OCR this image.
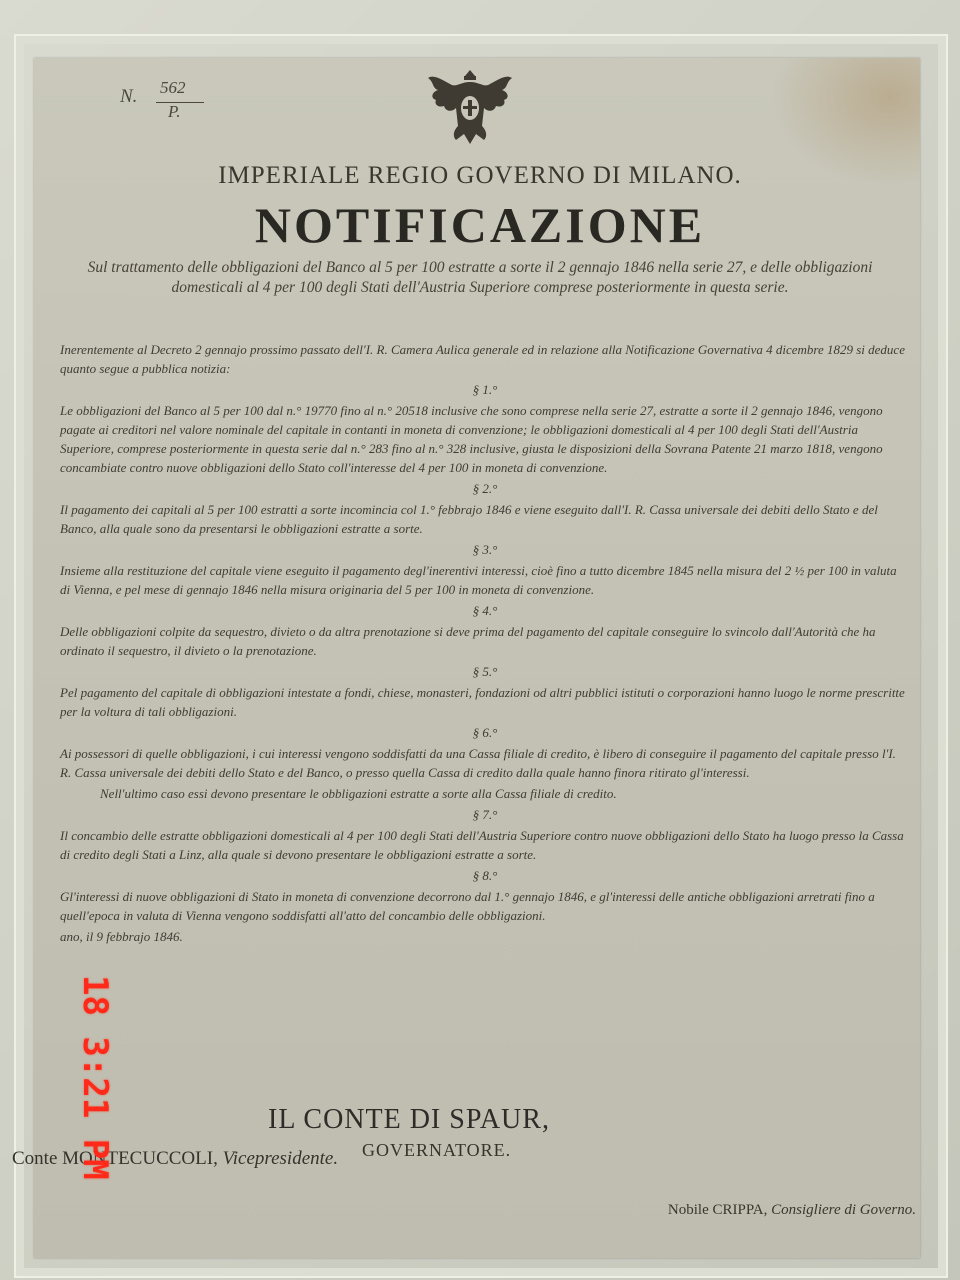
N. 562
P.
IMPERIALE REGIO GOVERNO DI MILANO.
NOTIFICAZIONE
Sul trattamento delle obbligazioni del Banco al 5 per 100 estratte a sorte il 2 gennajo 1846 nella serie 27, e delle obbligazioni domesticali al 4 per 100 degli Stati dell'Austria Superiore comprese posteriormente in questa serie.

Inerentemente al Decreto 2 gennajo prossimo passato dell'I. R. Camera Aulica generale ed in relazione alla Notificazione Governativa 4 dicembre 1829 si deduce quanto segue a pubblica notizia:

§ 1.°

Le obbligazioni del Banco al 5 per 100 dal n.° 19770 fino al n.° 20518 inclusive che sono comprese nella serie 27, estratte a sorte il 2 gennajo 1846, vengono pagate ai creditori nel valore nominale del capitale in contanti in moneta di convenzione; le obbligazioni domesticali al 4 per 100 degli Stati dell'Austria Superiore, comprese posteriormente in questa serie dal n.° 283 fino al n.° 328 inclusive, giusta le disposizioni della Sovrana Patente 21 marzo 1818, vengono concambiate contro nuove obbligazioni dello Stato coll'interesse del 4 per 100 in moneta di convenzione.

§ 2.°

Il pagamento dei capitali al 5 per 100 estratti a sorte incomincia col 1.° febbrajo 1846 e viene eseguito dall'I. R. Cassa universale dei debiti dello Stato e del Banco, alla quale sono da presentarsi le obbligazioni estratte a sorte.

§ 3.°

Insieme alla restituzione del capitale viene eseguito il pagamento degl'inerentivi interessi, cioè fino a tutto dicembre 1845 nella misura del 2 ½ per 100 in valuta di Vienna, e pel mese di gennajo 1846 nella misura originaria del 5 per 100 in moneta di convenzione.

§ 4.°

Delle obbligazioni colpite da sequestro, divieto o da altra prenotazione si deve prima del pagamento del capitale conseguire lo svincolo dall'Autorità che ha ordinato il sequestro, il divieto o la prenotazione.

§ 5.°

Pel pagamento del capitale di obbligazioni intestate a fondi, chiese, monasteri, fondazioni od altri pubblici istituti o corporazioni hanno luogo le norme prescritte per la voltura di tali obbligazioni.

§ 6.°

Ai possessori di quelle obbligazioni, i cui interessi vengono soddisfatti da una Cassa filiale di credito, è libero di conseguire il pagamento del capitale presso l'I. R. Cassa universale dei debiti dello Stato e del Banco, o presso quella Cassa di credito dalla quale hanno finora ritirato gl'interessi.

Nell'ultimo caso essi devono presentare le obbligazioni estratte a sorte alla Cassa filiale di credito.

§ 7.°

Il concambio delle estratte obbligazioni domesticali al 4 per 100 degli Stati dell'Austria Superiore contro nuove obbligazioni dello Stato ha luogo presso la Cassa di credito degli Stati a Linz, alla quale si devono presentare le obbligazioni estratte a sorte.

§ 8.°

Gl'interessi di nuove obbligazioni di Stato in moneta di convenzione decorrono dal 1.° gennajo 1846, e gl'interessi delle antiche obbligazioni arretrati fino a quell'epoca in valuta di Vienna vengono soddisfatti all'atto del concambio delle obbligazioni.

ano, il 9 febbrajo 1846.

IL CONTE DI SPAUR,
GOVERNATORE.
Conte MONTECUCCOLI, Vicepresidente.
Nobile CRIPPA, Consigliere di Governo.
18 3:21 PM
